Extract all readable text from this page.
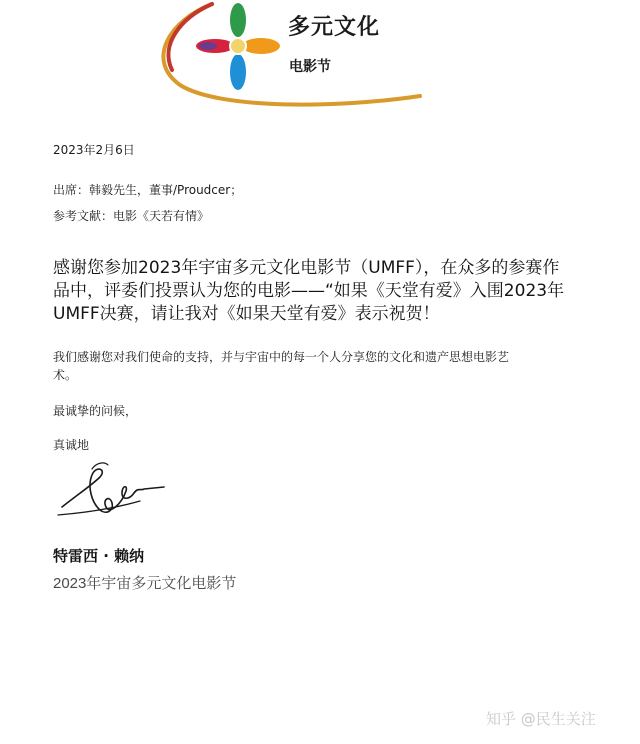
多元文化
电影节
2023年2月6日
出席：韩毅先生，董事/Proudcer；
参考文献：电影《天若有情》
感谢您参加2023年宇宙多元文化电影节（UMFF），在众多的参赛作
品中，评委们投票认为您的电影——“如果《天堂有爱》入围2023年
UMFF决赛，请让我对《如果天堂有爱》表示祝贺！
我们感谢您对我们使命的支持，并与宇宙中的每一个人分享您的文化和遗产思想电影艺
术。
最诚挚的问候，
真诚地
特雷西 · 赖纳
2023年宇宙多元文化电影节
知乎 @民生关注
